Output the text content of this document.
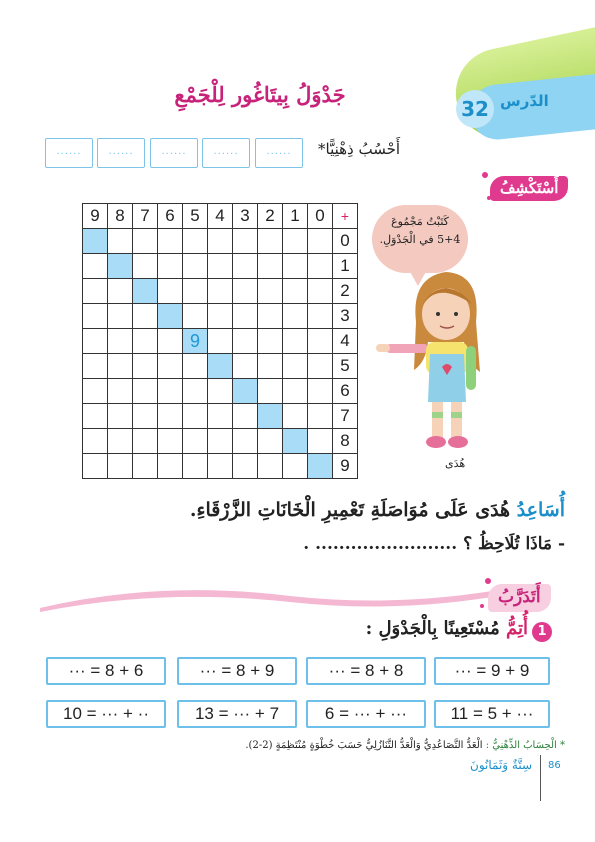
32 الدّرس
جَدْوَلُ بِيتَاغُور لِلْجَمْعِ
......	......	......	......	......	أَحْسُبُ ذِهْنِيًّا*
أَسْتَكْشِفُ
9	8	7	6	5	4	3	2	1	0	+
										0
										1
										2
										3
				9						4
										5
										6
										7
										8
										9
كَتَبْتُ مَجْمُوعَ
5+4 في الْجَدْوَلِ.
هُدَى
أُسَاعِدُ هُدَى عَلَى مُوَاصَلَةِ تَعْمِيرِ الْخَانَاتِ الزَّرْقَاءِ.
- مَاذَا تُلَاحِظُ ؟ ........................ .
أَتَدَرَّبُ
1
أُتِمُّ مُسْتَعِينًا بِالْجَدْوَلِ :
··· = 9 + 9
··· = 8 + 8
··· = 8 + 9
··· = 8 + 6
11 = 5 + ···
6 = ··· + ···
13 = ··· + 7
10 = ··· + ··
* الْحِسَابُ الذِّهْنِيُّ : الْعَدُّ التَّصَاعُدِيُّ وَالْعَدُّ التَّنَازُلِيُّ حَسَبَ خُطْوَةٍ مُنْتَظِمَةٍ (2-2).
86
سِتَّةٌ وَثَمَانُونَ
